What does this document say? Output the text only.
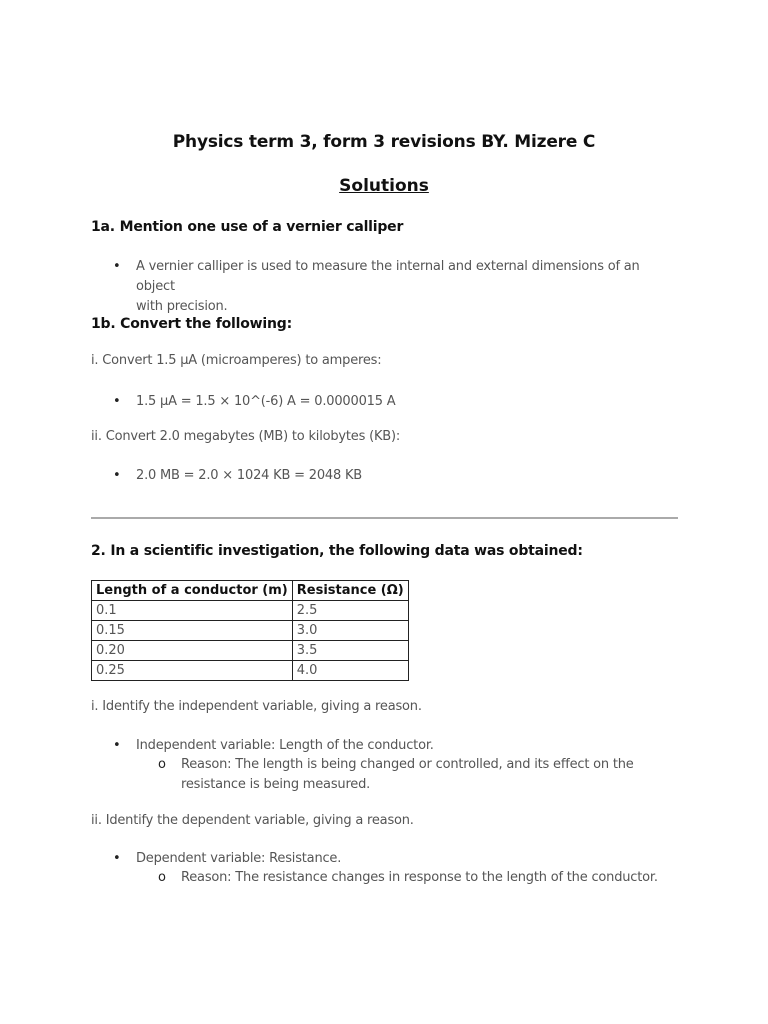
Physics term 3, form 3 revisions BY. Mizere C
Solutions
1a. Mention one use of a vernier calliper
• A vernier calliper is used to measure the internal and external dimensions of an object
with precision.
1b. Convert the following:
i. Convert 1.5 μA (microamperes) to amperes:
• 1.5 μA = 1.5 × 10^(-6) A = 0.0000015 A
ii. Convert 2.0 megabytes (MB) to kilobytes (KB):
• 2.0 MB = 2.0 × 1024 KB = 2048 KB
2. In a scientific investigation, the following data was obtained:
Length of a conductor (m)	Resistance (Ω)
0.1	2.5
0.15	3.0
0.20	3.5
0.25	4.0
i. Identify the independent variable, giving a reason.
• Independent variable: Length of the conductor.
o Reason: The length is being changed or controlled, and its effect on the
resistance is being measured.
ii. Identify the dependent variable, giving a reason.
• Dependent variable: Resistance.
o Reason: The resistance changes in response to the length of the conductor.
